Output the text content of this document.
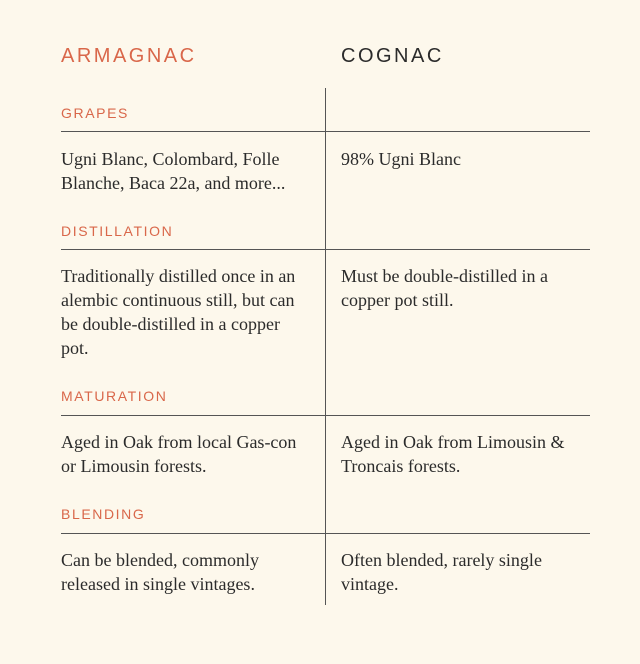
ARMAGNAC	COGNAC
GRAPES
Ugni Blanc, Colombard, Folle Blanche, Baca 22a, and more...
98% Ugni Blanc
DISTILLATION
Traditionally distilled once in an alembic continuous still, but can be double-distilled in a copper pot.
Must be double-distilled in a copper pot still.
MATURATION
Aged in Oak from local Gas-con or Limousin forests.
Aged in Oak from Limousin & Troncais forests.
BLENDING
Can be blended, commonly released in single vintages.
Often blended, rarely single vintage.
